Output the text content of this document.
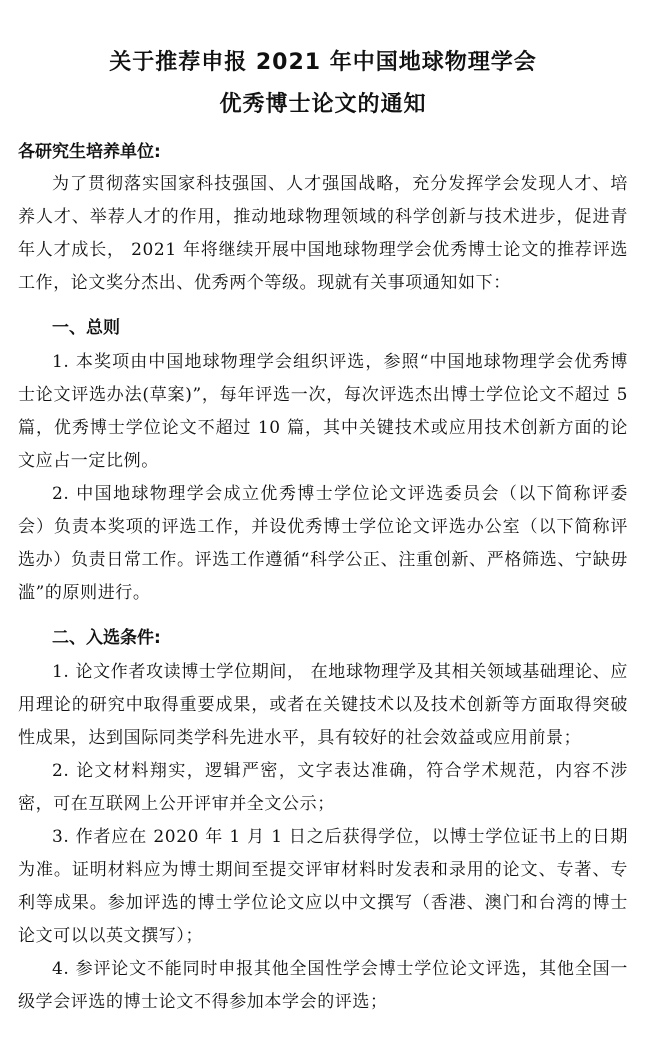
关于推荐申报 2021 年中国地球物理学会
优秀博士论文的通知
各研究生培养单位:

为了贯彻落实国家科技强国、人才强国战略，充分发挥学会发现人才、培养人才、举荐人才的作用，推动地球物理领域的科学创新与技术进步，促进青年人才成长， 2021 年将继续开展中国地球物理学会优秀博士论文的推荐评选工作，论文奖分杰出、优秀两个等级。现就有关事项通知如下：

一、总则

1. 本奖项由中国地球物理学会组织评选，参照“中国地球物理学会优秀博士论文评选办法(草案)”，每年评选一次，每次评选杰出博士学位论文不超过 5 篇，优秀博士学位论文不超过 10 篇，其中关键技术或应用技术创新方面的论文应占一定比例。

2. 中国地球物理学会成立优秀博士学位论文评选委员会（以下简称评委会）负责本奖项的评选工作，并设优秀博士学位论文评选办公室（以下简称评选办）负责日常工作。评选工作遵循“科学公正、注重创新、严格筛选、宁缺毋滥”的原则进行。

二、入选条件:

1. 论文作者攻读博士学位期间， 在地球物理学及其相关领域基础理论、应用理论的研究中取得重要成果，或者在关键技术以及技术创新等方面取得突破性成果，达到国际同类学科先进水平，具有较好的社会效益或应用前景；

2. 论文材料翔实，逻辑严密，文字表达准确，符合学术规范，内容不涉密，可在互联网上公开评审并全文公示；

3. 作者应在 2020 年 1 月 1 日之后获得学位，以博士学位证书上的日期为准。证明材料应为博士期间至提交评审材料时发表和录用的论文、专著、专利等成果。参加评选的博士学位论文应以中文撰写（香港、澳门和台湾的博士论文可以以英文撰写）；

4. 参评论文不能同时申报其他全国性学会博士学位论文评选，其他全国一级学会评选的博士论文不得参加本学会的评选；
